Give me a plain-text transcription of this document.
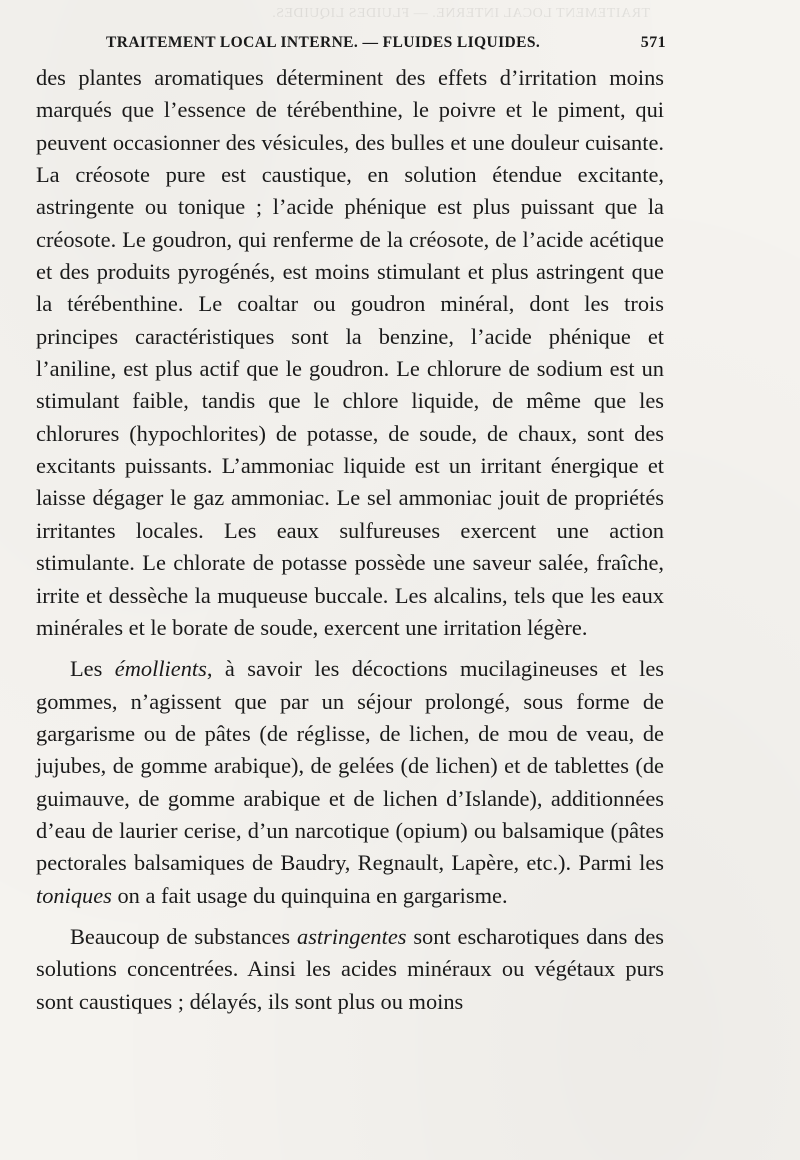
TRAITEMENT LOCAL INTERNE. — FLUIDES LIQUIDES.
TRAITEMENT LOCAL INTERNE. — FLUIDES LIQUIDES.	571

des plantes aromatiques déterminent des effets d’irritation moins marqués que l’essence de térébenthine, le poivre et le piment, qui peuvent occasionner des vésicules, des bulles et une douleur cuisante. La créosote pure est caustique, en solution étendue excitante, astringente ou tonique ; l’acide phénique est plus puissant que la créosote. Le goudron, qui renferme de la créosote, de l’acide acétique et des produits pyrogénés, est moins stimulant et plus astringent que la térébenthine. Le coaltar ou goudron minéral, dont les trois principes caractéristiques sont la benzine, l’acide phénique et l’aniline, est plus actif que le goudron. Le chlorure de sodium est un stimulant faible, tandis que le chlore liquide, de même que les chlorures (hypochlorites) de potasse, de soude, de chaux, sont des excitants puissants. L’ammoniac liquide est un irritant énergique et laisse dégager le gaz ammoniac. Le sel ammoniac jouit de propriétés irritantes locales. Les eaux sulfureuses exercent une action stimulante. Le chlorate de potasse possède une saveur salée, fraîche, irrite et dessèche la muqueuse buccale. Les alcalins, tels que les eaux minérales et le borate de soude, exercent une irritation légère.

Les émollients, à savoir les décoctions mucilagineuses et les gommes, n’agissent que par un séjour prolongé, sous forme de gargarisme ou de pâtes (de réglisse, de lichen, de mou de veau, de jujubes, de gomme arabique), de gelées (de lichen) et de tablettes (de guimauve, de gomme arabique et de lichen d’Islande), additionnées d’eau de laurier cerise, d’un narcotique (opium) ou balsamique (pâtes pectorales balsamiques de Baudry, Regnault, Lapère, etc.). Parmi les toniques on a fait usage du quinquina en gargarisme.

Beaucoup de substances astringentes sont escharotiques dans des solutions concentrées. Ainsi les acides minéraux ou végétaux purs sont caustiques ; délayés, ils sont plus ou moins
